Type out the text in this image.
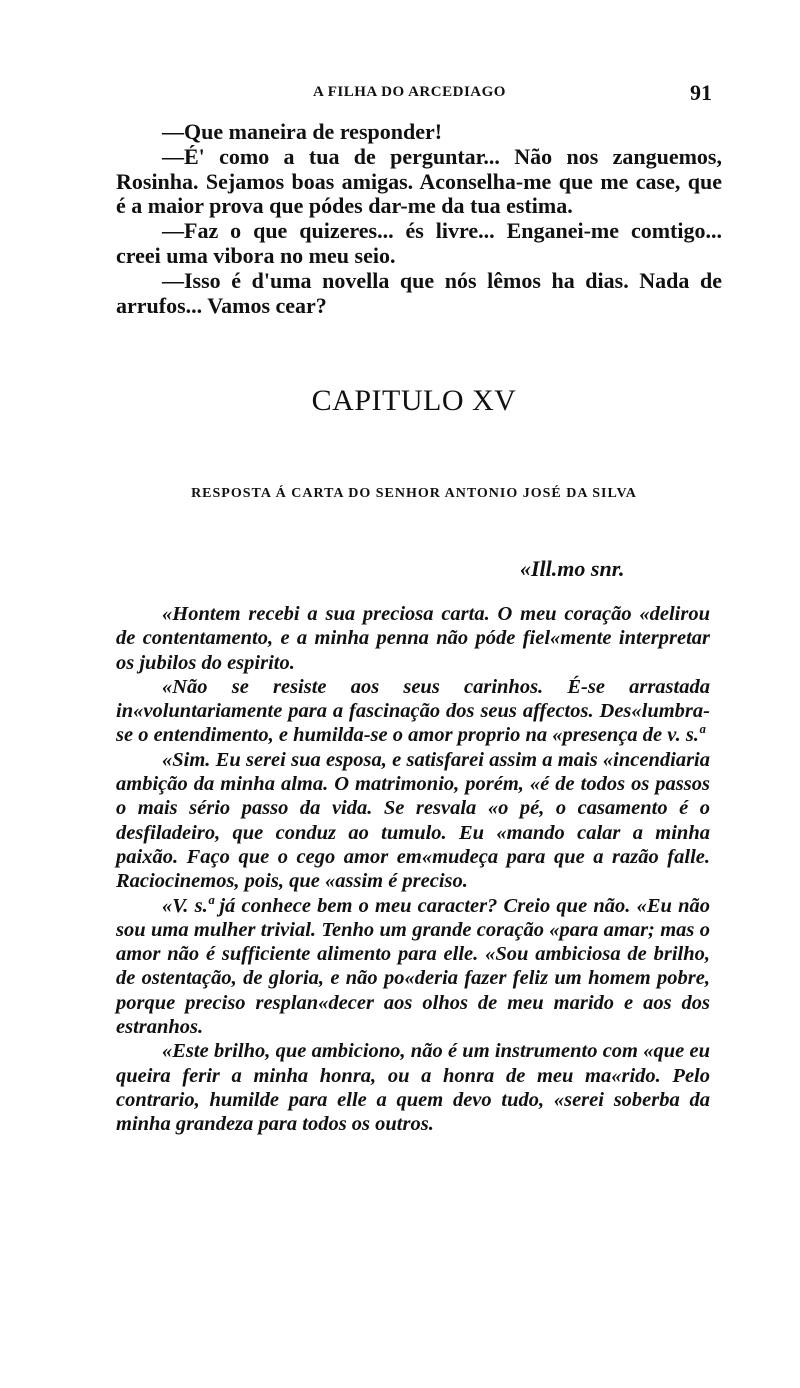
A FILHA DO ARCEDIAGO	91

—Que maneira de responder!

—É' como a tua de perguntar... Não nos zanguemos, Rosinha. Sejamos boas amigas. Aconselha-me que me case, que é a maior prova que pódes dar-me da tua estima.

—Faz o que quizeres... és livre... Enganei-me comtigo... creei uma vibora no meu seio.

—Isso é d'uma novella que nós lêmos ha dias. Nada de arrufos... Vamos cear?

CAPITULO XV
RESPOSTA Á CARTA DO SENHOR ANTONIO JOSÉ DA SILVA
«Ill.mo snr.

«Hontem recebi a sua preciosa carta. O meu coração «delirou de contentamento, e a minha penna não póde fiel«mente interpretar os jubilos do espirito.

«Não se resiste aos seus carinhos. É-se arrastada in«voluntariamente para a fascinação dos seus affectos. Des«lumbra-se o entendimento, e humilda-se o amor proprio na «presença de v. s.ª

«Sim. Eu serei sua esposa, e satisfarei assim a mais «incendiaria ambição da minha alma. O matrimonio, porém, «é de todos os passos o mais sério passo da vida. Se resvala «o pé, o casamento é o desfiladeiro, que conduz ao tumulo. Eu «mando calar a minha paixão. Faço que o cego amor em«mudeça para que a razão falle. Raciocinemos, pois, que «assim é preciso.

«V. s.ª já conhece bem o meu caracter? Creio que não. «Eu não sou uma mulher trivial. Tenho um grande coração «para amar; mas o amor não é sufficiente alimento para elle. «Sou ambiciosa de brilho, de ostentação, de gloria, e não po«deria fazer feliz um homem pobre, porque preciso resplan«decer aos olhos de meu marido e aos dos estranhos.

«Este brilho, que ambiciono, não é um instrumento com «que eu queira ferir a minha honra, ou a honra de meu ma«rido. Pelo contrario, humilde para elle a quem devo tudo, «serei soberba da minha grandeza para todos os outros.
